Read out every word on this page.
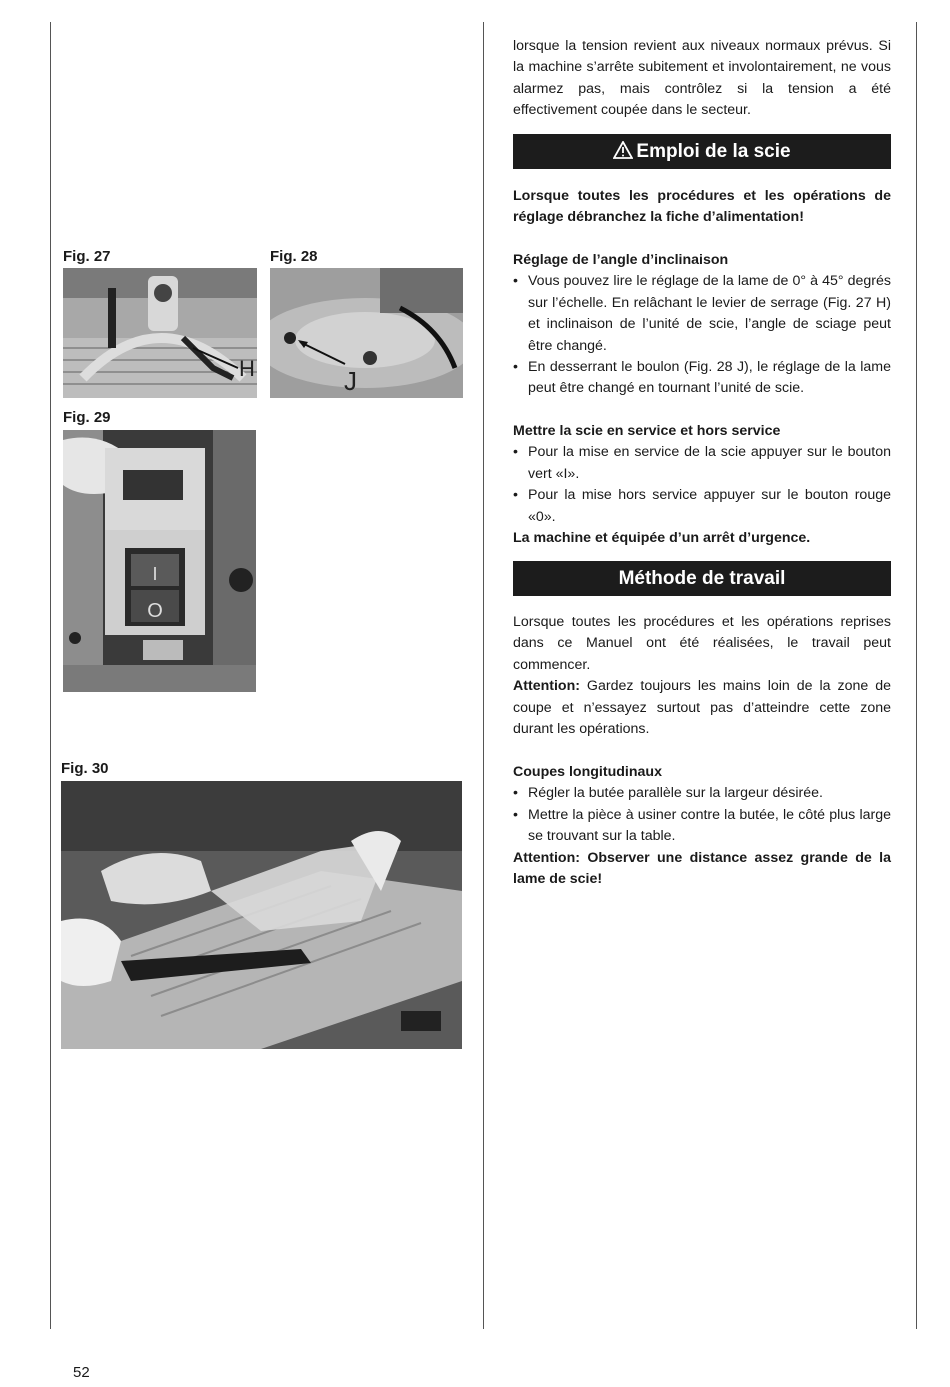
Fig. 27	Fig. 28
Fig. 29
Fig. 30
H	J
I
O

lorsque la tension revient aux niveaux normaux prévus. Si la machine s’arrête subitement et involontairement, ne vous alarmez pas, mais contrôlez si la tension a été effectivement coupée dans le secteur.

Emploi de la scie

Lorsque toutes les procédures et les opérations de réglage débranchez la fiche d’alimentation!

Réglage de l’angle d’inclinaison

• Vous pouvez lire le réglage de la lame de 0° à 45° degrés sur l’échelle. En relâchant le levier de serrage (Fig. 27 H) et inclinaison de l’unité de scie, l’angle de sciage peut être changé.
• En desserrant le boulon (Fig. 28 J), le réglage de la lame peut être changé en tournant l’unité de scie.

Mettre la scie en service et hors service

• Pour la mise en service de la scie appuyer sur le bouton vert «I».
• Pour la mise hors service appuyer sur le bouton rouge «0».

La machine et équipée d’un arrêt d’urgence.

Méthode de travail

Lorsque toutes les procédures et les opérations reprises dans ce Manuel ont été réalisées, le travail peut commencer.

Attention: Gardez toujours les mains loin de la zone de coupe et n’essayez surtout pas d’atteindre cette zone durant les opérations.

Coupes longitudinaux

• Régler la butée parallèle sur la largeur désirée.
• Mettre la pièce à usiner contre la butée, le côté plus large se trouvant sur la table.

Attention: Observer une distance assez grande de la lame de scie!

52
